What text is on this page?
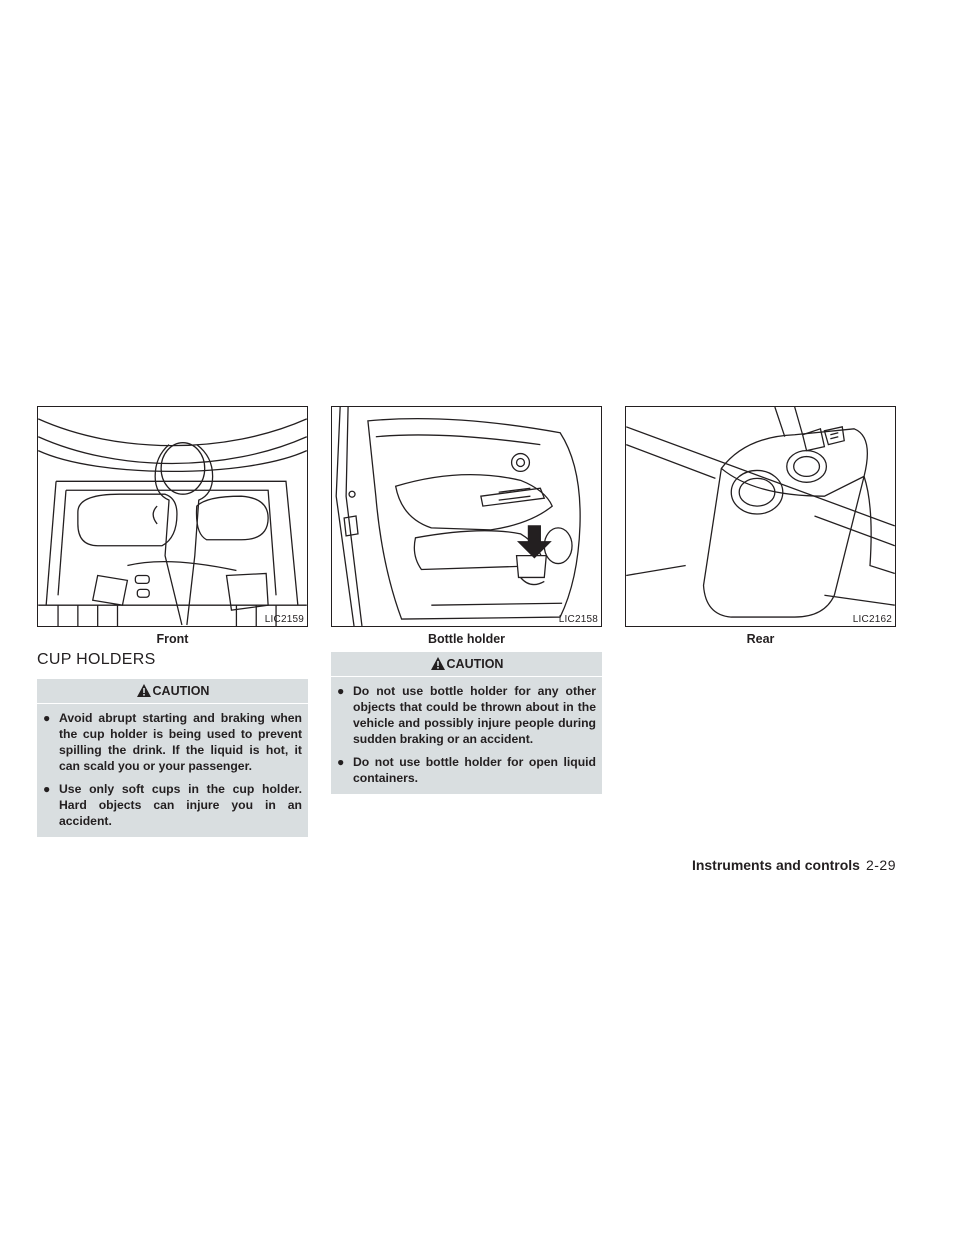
LIC2159
Front
LIC2158
Bottle holder
LIC2162
Rear
CUP HOLDERS
CAUTION
● Avoid abrupt starting and braking when the cup holder is being used to prevent spilling the drink. If the liquid is hot, it can scald you or your passenger.
● Use only soft cups in the cup holder. Hard objects can injure you in an accident.
CAUTION
● Do not use bottle holder for any other objects that could be thrown about in the vehicle and possibly injure people during sudden braking or an accident.
● Do not use bottle holder for open liquid containers.
Instruments and controls 2-29
